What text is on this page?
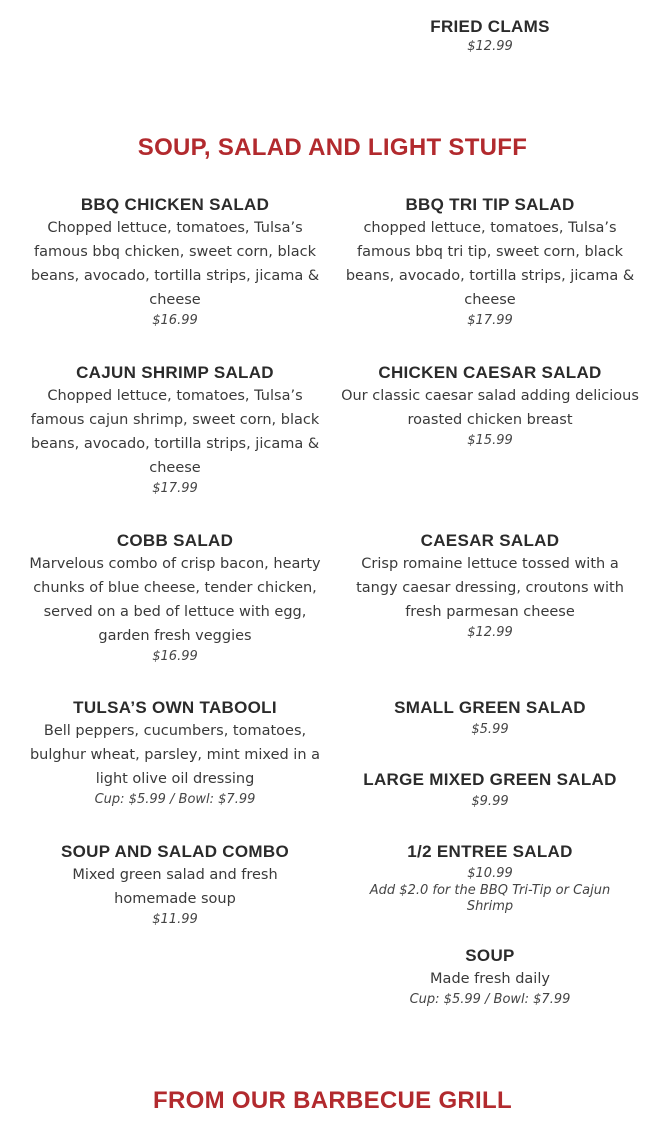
FRIED CLAMS

$12.99

SOUP, SALAD AND LIGHT STUFF

BBQ CHICKEN SALAD

Chopped lettuce, tomatoes, Tulsa’s famous bbq chicken, sweet corn, black beans, avocado, tortilla strips, jicama & cheese

$16.99

BBQ TRI TIP SALAD

chopped lettuce, tomatoes, Tulsa’s famous bbq tri tip, sweet corn, black beans, avocado, tortilla strips, jicama & cheese

$17.99

CAJUN SHRIMP SALAD

Chopped lettuce, tomatoes, Tulsa’s famous cajun shrimp, sweet corn, black beans, avocado, tortilla strips, jicama & cheese

$17.99

CHICKEN CAESAR SALAD

Our classic caesar salad adding delicious roasted chicken breast

$15.99

COBB SALAD

Marvelous combo of crisp bacon, hearty chunks of blue cheese, tender chicken, served on a bed of lettuce with egg, garden fresh veggies

$16.99

CAESAR SALAD

Crisp romaine lettuce tossed with a tangy caesar dressing, croutons with fresh parmesan cheese

$12.99

TULSA’S OWN TABOOLI

Bell peppers, cucumbers, tomatoes, bulghur wheat, parsley, mint mixed in a light olive oil dressing

Cup: $5.99 / Bowl: $7.99

SMALL GREEN SALAD

$5.99

LARGE MIXED GREEN SALAD

$9.99

SOUP AND SALAD COMBO

Mixed green salad and fresh homemade soup

$11.99

1/2 ENTREE SALAD

$10.99

Add $2.0 for the BBQ Tri-Tip or Cajun Shrimp

SOUP

Made fresh daily

Cup: $5.99 / Bowl: $7.99

FROM OUR BARBECUE GRILL
